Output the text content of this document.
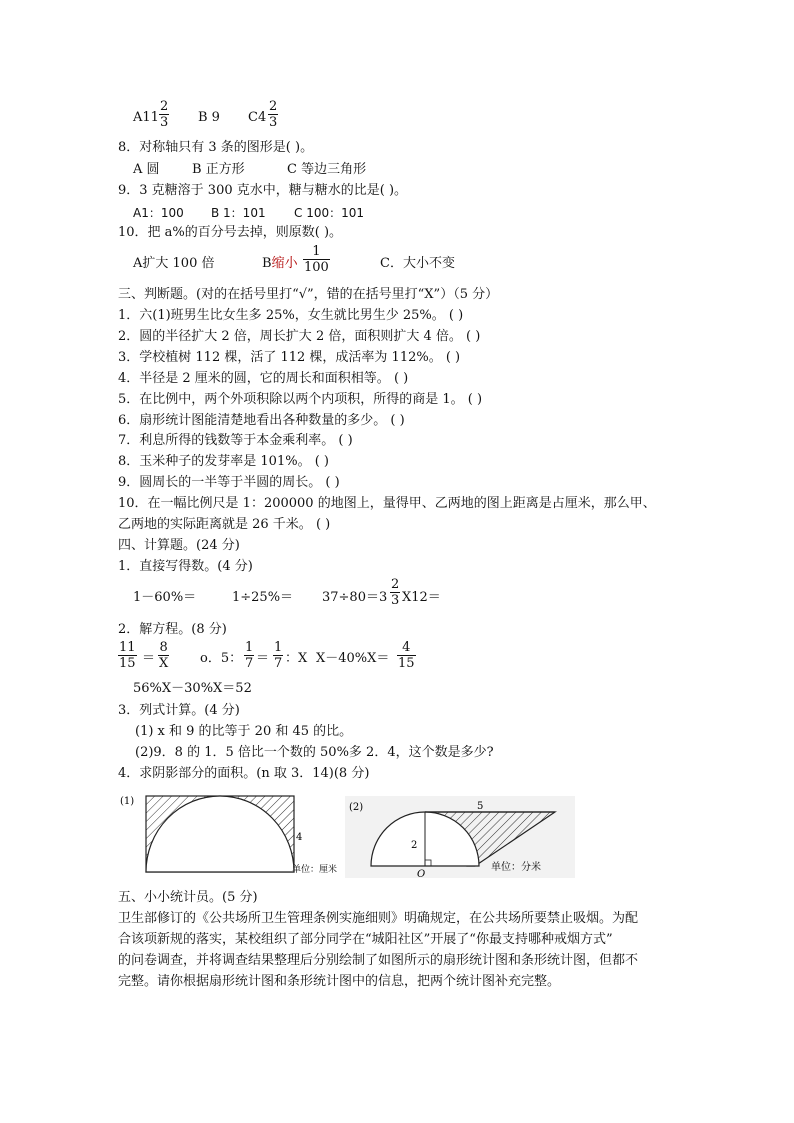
$A11 \frac{2}{3}$ B 9 $C4 \frac{2}{3}$
8．对称轴只有 3 条的图形是( )。
A 圆 B 正方形	C 等边三角形
9．3 克糖溶于 300 克水中，糖与糖水的比是( )。
A1：100 B 1：101 C 100：101
10．把 a%的百分号去掉，则原数( )。
A扩大 100 倍	B缩小 $\frac{1}{100}$	C．大小不变
三、判断题。(对的在括号里打“√”，错的在括号里打“X”）（5 分）
1．六(1)班男生比女生多 25%，女生就比男生少 25%。 ( )
2．圆的半径扩大 2 倍，周长扩大 2 倍，面积则扩大 4 倍。 ( )
3．学校植树 112 棵，活了 112 棵，成活率为 112%。 ( )
4．半径是 2 厘米的圆，它的周长和面积相等。 ( )
5．在比例中，两个外项积除以两个内项积，所得的商是 1。 ( )
6．扇形统计图能清楚地看出各种数量的多少。 ( )
7．利息所得的钱数等于本金乘利率。 ( )
8．玉米种子的发芽率是 101%。 ( )
9．圆周长的一半等于半圆的周长。 ( )
10．在一幅比例尺是 1：200000 的地图上，量得甲、乙两地的图上距离是占厘米，那么甲、
乙两地的实际距离就是 26 千米。 ( )
四、计算题。(24 分)
1．直接写得数。(4 分)
1－60%＝	$1\div 25\%= 37\div 80=3 \frac{2}{3} X12=$
2．解方程。(8 分)
$\frac{11}{15} = \frac{8}{X}$ o．5： $\frac{1}{7} = \frac{1}{7}$ ：X $X-40\%X= \frac{4}{15}$
56%X－30%X＝52
3．列式计算。(4 分)
(1) x 和 9 的比等于 20 和 45 的比。
(2)9．8 的 1．5 倍比一个数的 50%多 2．4，这个数是多少?
4．求阴影部分的面积。(n 取 3．14)(8 分)
(1)
4
单位：厘米
(2)	5
2
O
单位：分米
五、小小统计员。(5 分)
卫生部修订的《公共场所卫生管理条例实施细则》明确规定，在公共场所要禁止吸烟。为配
合该项新规的落实，某校组织了部分同学在“城阳社区”开展了“你最支持哪种戒烟方式”
的问卷调查，并将调查结果整理后分别绘制了如图所示的扇形统计图和条形统计图，但都不
完整。请你根据扇形统计图和条形统计图中的信息，把两个统计图补充完整。
